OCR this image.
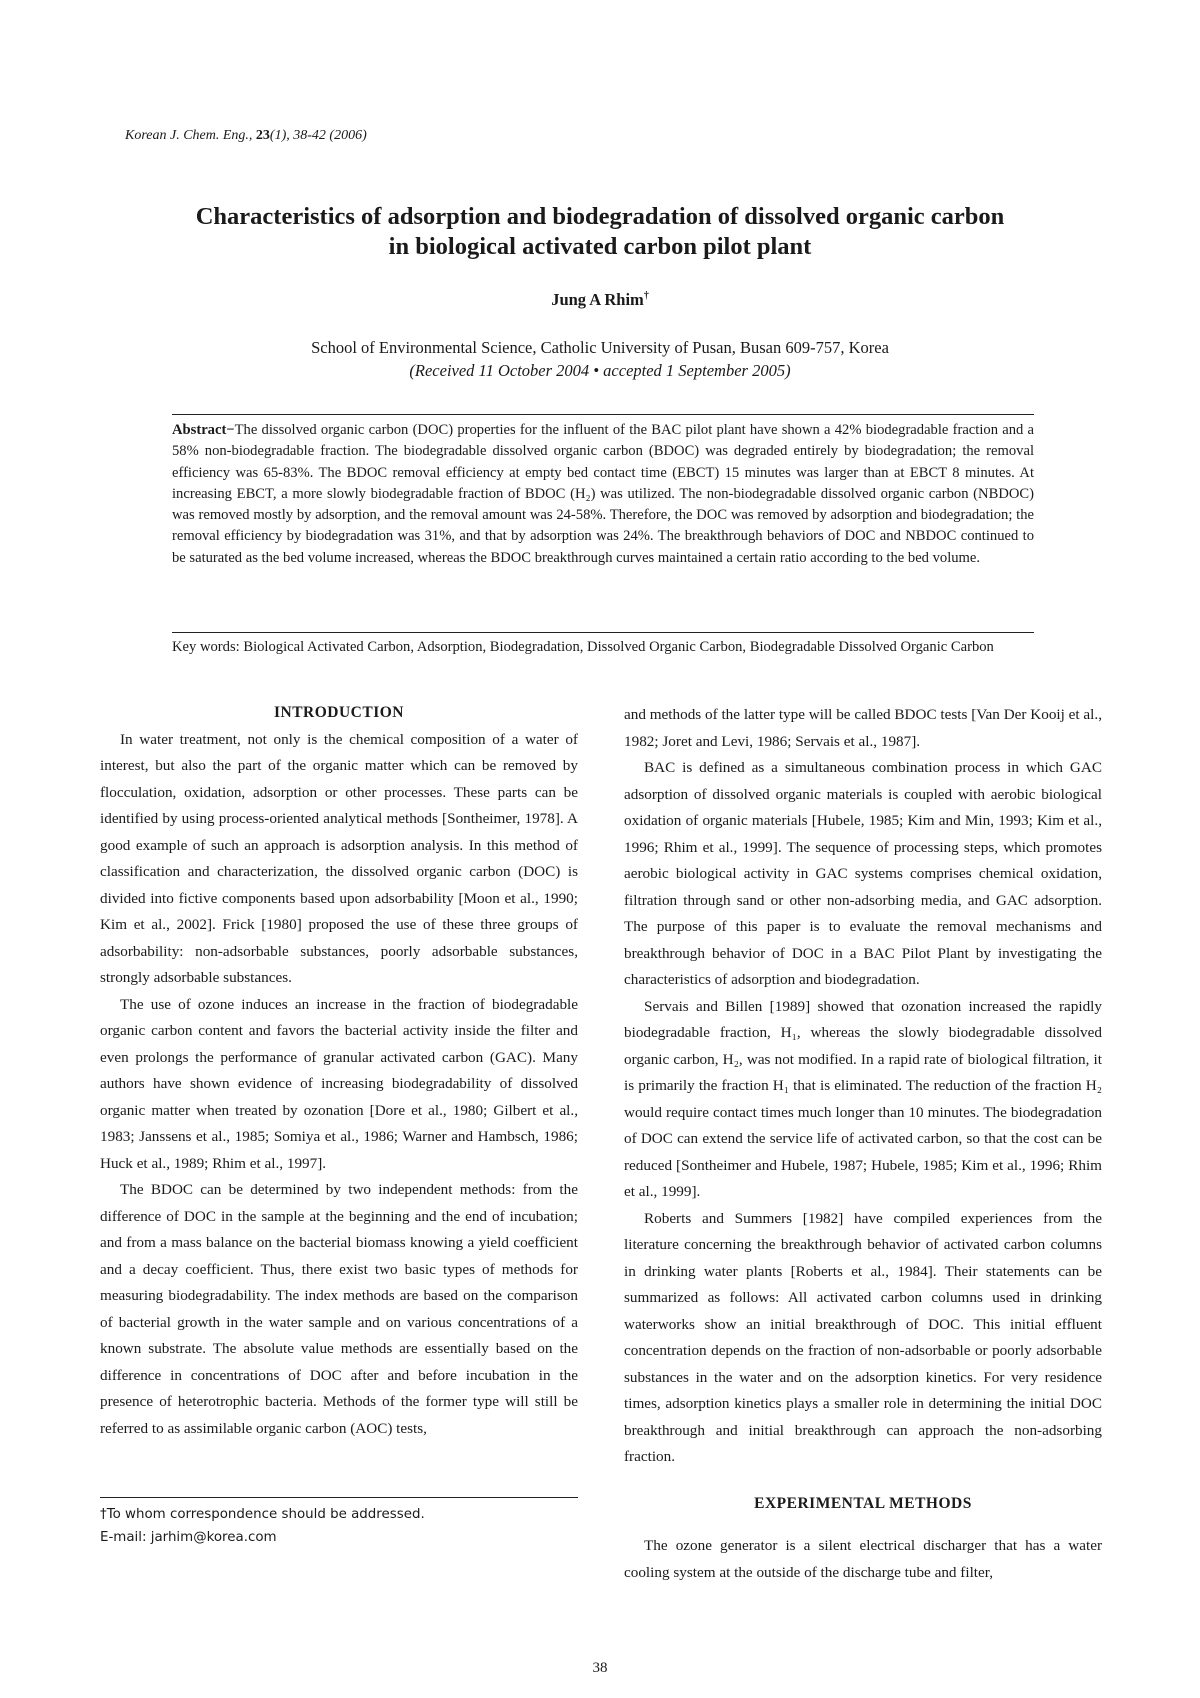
Korean J. Chem. Eng., 23(1), 38-42 (2006)

Characteristics of adsorption and biodegradation of dissolved organic carbon

in biological activated carbon pilot plant

Jung A Rhim†
School of Environmental Science, Catholic University of Pusan, Busan 609-757, Korea
(Received 11 October 2004 • accepted 1 September 2005)
Abstract−The dissolved organic carbon (DOC) properties for the influent of the BAC pilot plant have shown a 42% biodegradable fraction and a 58% non-biodegradable fraction. The biodegradable dissolved organic carbon (BDOC) was degraded entirely by biodegradation; the removal efficiency was 65-83%. The BDOC removal efficiency at empty bed contact time (EBCT) 15 minutes was larger than at EBCT 8 minutes. At increasing EBCT, a more slowly biodegradable fraction of BDOC (H₂) was utilized. The non-biodegradable dissolved organic carbon (NBDOC) was removed mostly by adsorption, and the removal amount was 24-58%. Therefore, the DOC was removed by adsorption and biodegradation; the removal efficiency by biodegradation was 31%, and that by adsorption was 24%. The breakthrough behaviors of DOC and NBDOC continued to be saturated as the bed volume increased, whereas the BDOC breakthrough curves maintained a certain ratio according to the bed volume.
Key words: Biological Activated Carbon, Adsorption, Biodegradation, Dissolved Organic Carbon, Biodegradable Dissolved Organic Carbon

INTRODUCTION

In water treatment, not only is the chemical composition of a water of interest, but also the part of the organic matter which can be removed by flocculation, oxidation, adsorption or other processes. These parts can be identified by using process-oriented analytical methods [Sontheimer, 1978]. A good example of such an approach is adsorption analysis. In this method of classification and characterization, the dissolved organic carbon (DOC) is divided into fictive components based upon adsorbability [Moon et al., 1990; Kim et al., 2002]. Frick [1980] proposed the use of these three groups of adsorbability: non-adsorbable substances, poorly adsorbable substances, strongly adsorbable substances.

The use of ozone induces an increase in the fraction of biodegradable organic carbon content and favors the bacterial activity inside the filter and even prolongs the performance of granular activated carbon (GAC). Many authors have shown evidence of increasing biodegradability of dissolved organic matter when treated by ozonation [Dore et al., 1980; Gilbert et al., 1983; Janssens et al., 1985; Somiya et al., 1986; Warner and Hambsch, 1986; Huck et al., 1989; Rhim et al., 1997].

The BDOC can be determined by two independent methods: from the difference of DOC in the sample at the beginning and the end of incubation; and from a mass balance on the bacterial biomass knowing a yield coefficient and a decay coefficient. Thus, there exist two basic types of methods for measuring biodegradability. The index methods are based on the comparison of bacterial growth in the water sample and on various concentrations of a known substrate. The absolute value methods are essentially based on the difference in concentrations of DOC after and before incubation in the presence of heterotrophic bacteria. Methods of the former type will still be referred to as assimilable organic carbon (AOC) tests,

and methods of the latter type will be called BDOC tests [Van Der Kooij et al., 1982; Joret and Levi, 1986; Servais et al., 1987].

BAC is defined as a simultaneous combination process in which GAC adsorption of dissolved organic materials is coupled with aerobic biological oxidation of organic materials [Hubele, 1985; Kim and Min, 1993; Kim et al., 1996; Rhim et al., 1999]. The sequence of processing steps, which promotes aerobic biological activity in GAC systems comprises chemical oxidation, filtration through sand or other non-adsorbing media, and GAC adsorption. The purpose of this paper is to evaluate the removal mechanisms and breakthrough behavior of DOC in a BAC Pilot Plant by investigating the characteristics of adsorption and biodegradation.

Servais and Billen [1989] showed that ozonation increased the rapidly biodegradable fraction, H₁, whereas the slowly biodegradable dissolved organic carbon, H₂, was not modified. In a rapid rate of biological filtration, it is primarily the fraction H₁ that is eliminated. The reduction of the fraction H₂ would require contact times much longer than 10 minutes. The biodegradation of DOC can extend the service life of activated carbon, so that the cost can be reduced [Sontheimer and Hubele, 1987; Hubele, 1985; Kim et al., 1996; Rhim et al., 1999].

Roberts and Summers [1982] have compiled experiences from the literature concerning the breakthrough behavior of activated carbon columns in drinking water plants [Roberts et al., 1984]. Their statements can be summarized as follows: All activated carbon columns used in drinking waterworks show an initial breakthrough of DOC. This initial effluent concentration depends on the fraction of non-adsorbable or poorly adsorbable substances in the water and on the adsorption kinetics. For very residence times, adsorption kinetics plays a smaller role in determining the initial DOC breakthrough and initial breakthrough can approach the non-adsorbing fraction.

EXPERIMENTAL METHODS

The ozone generator is a silent electrical discharger that has a water cooling system at the outside of the discharge tube and filter,

†To whom correspondence should be addressed.
E-mail: jarhim@korea.com
38
